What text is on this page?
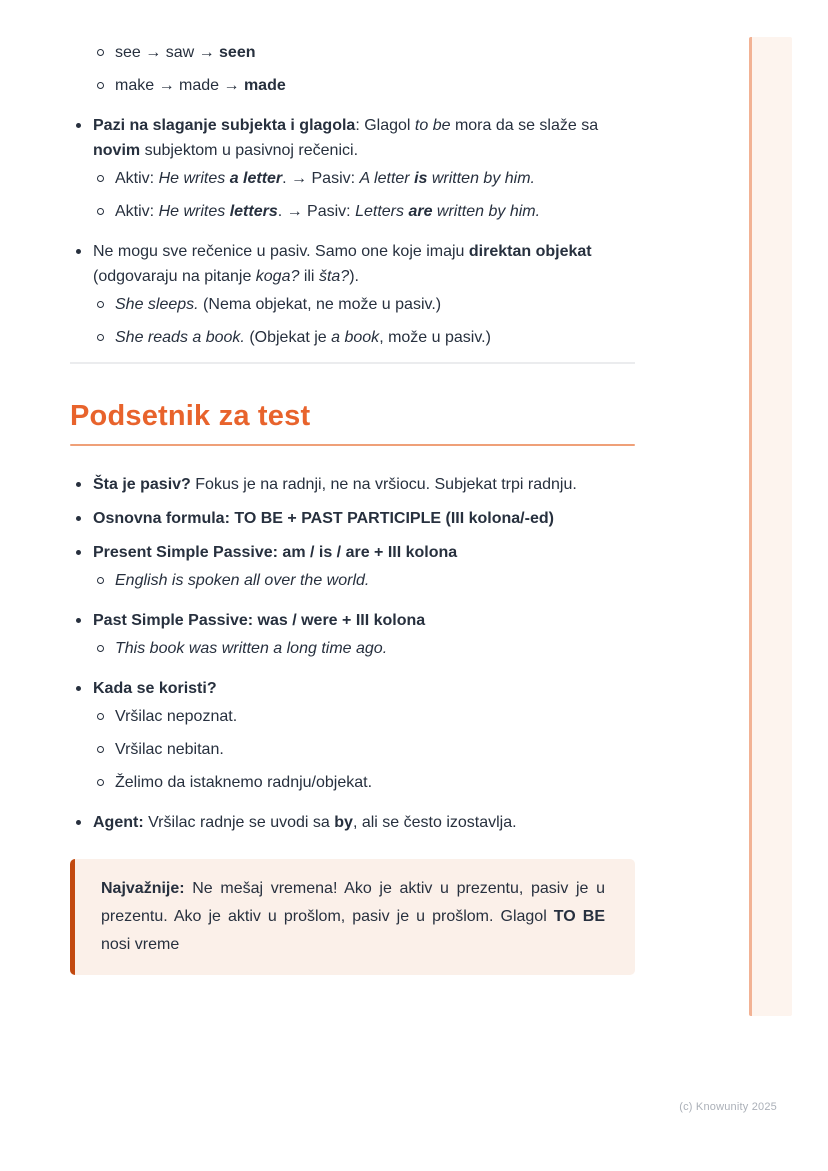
see → saw → seen
make → made → made
Pazi na slaganje subjekta i glagola: Glagol to be mora da se slaže sa novim subjektom u pasivnoj rečenici.
Aktiv: He writes a letter. → Pasiv: A letter is written by him.
Aktiv: He writes letters. → Pasiv: Letters are written by him.
Ne mogu sve rečenice u pasiv. Samo one koje imaju direktan objekat (odgovaraju na pitanje koga? ili šta?).
She sleeps. (Nema objekat, ne može u pasiv.)
She reads a book. (Objekat je a book, može u pasiv.)
Podsetnik za test
Šta je pasiv? Fokus je na radnji, ne na vršiocu. Subjekat trpi radnju.
Osnovna formula: TO BE + PAST PARTICIPLE (III kolona/-ed)
Present Simple Passive: am / is / are + III kolona
English is spoken all over the world.
Past Simple Passive: was / were + III kolona
This book was written a long time ago.
Kada se koristi?
Vršilac nepoznat.
Vršilac nebitan.
Želimo da istaknemo radnju/objekat.
Agent: Vršilac radnje se uvodi sa by, ali se često izostavlja.

Najvažnije: Ne mešaj vremena! Ako je aktiv u prezentu, pasiv je u prezentu. Ako je aktiv u prošlom, pasiv je u prošlom. Glagol TO BE nosi vreme

(c) Knowunity 2025
